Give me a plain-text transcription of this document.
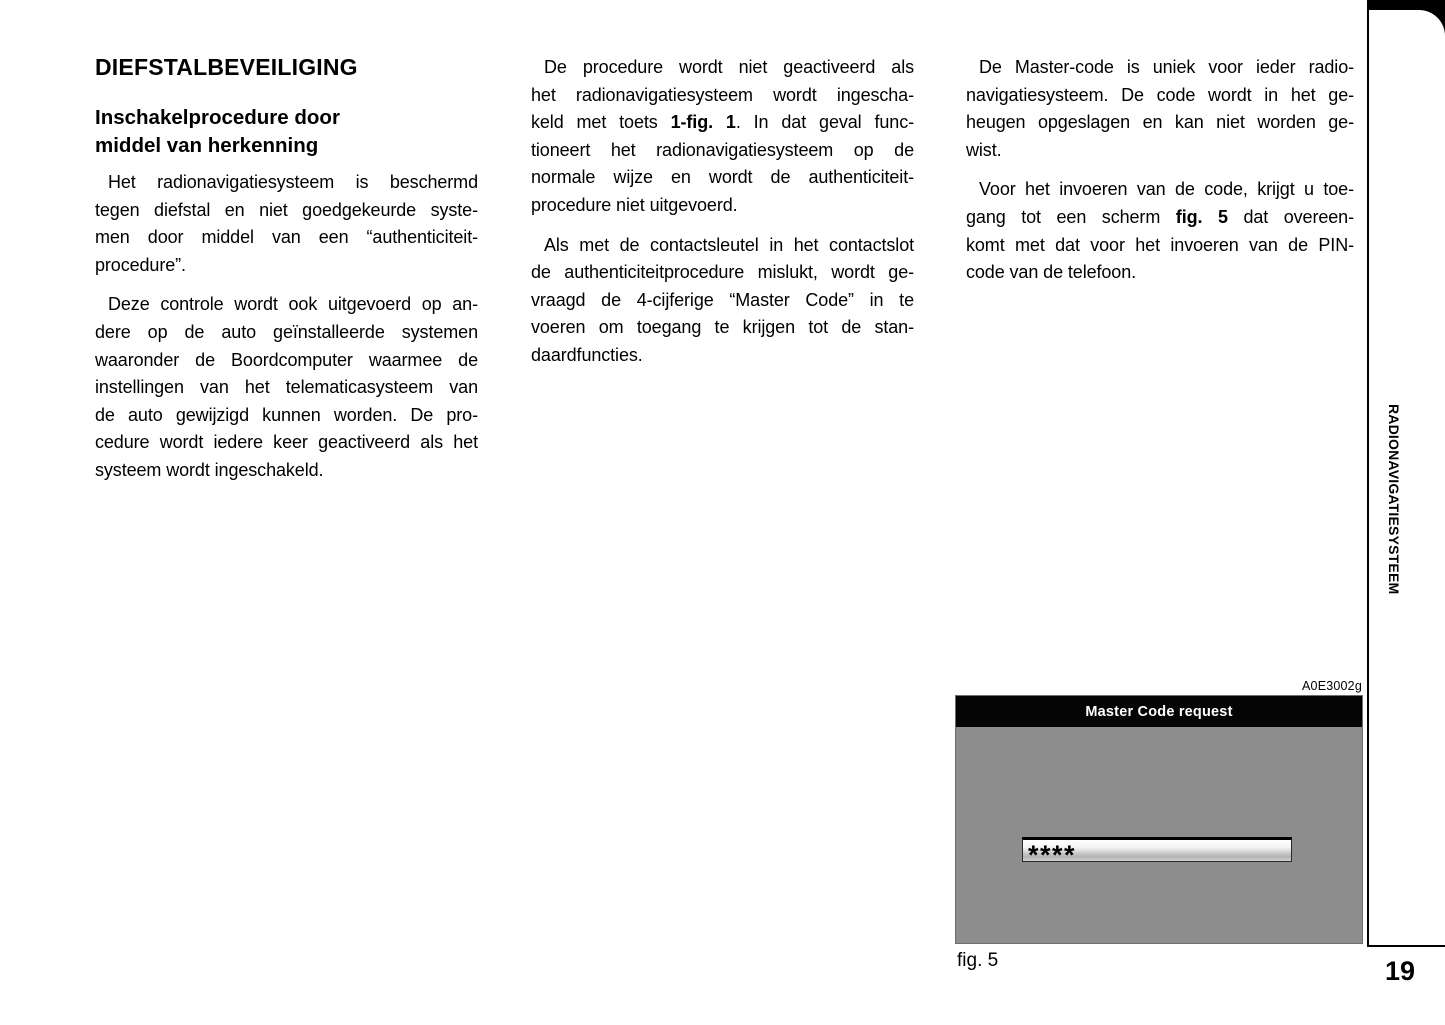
DIEFSTALBEVEILIGING
Inschakelprocedure door
middel van herkenning
Het radionavigatiesysteem is beschermd
tegen diefstal en niet goedgekeurde syste-
men door middel van een “authenticiteit-
procedure”.
Deze controle wordt ook uitgevoerd op an-
dere op de auto geïnstalleerde systemen
waaronder de Boordcomputer waarmee de
instellingen van het telematicasysteem van
de auto gewijzigd kunnen worden. De pro-
cedure wordt iedere keer geactiveerd als het
systeem wordt ingeschakeld.
De procedure wordt niet geactiveerd als
het radionavigatiesysteem wordt ingescha-
keld met toets 1-fig. 1. In dat geval func-
tioneert het radionavigatiesysteem op de
normale wijze en wordt de authenticiteit-
procedure niet uitgevoerd.
Als met de contactsleutel in het contactslot
de authenticiteitprocedure mislukt, wordt ge-
vraagd de 4-cijferige “Master Code” in te
voeren om toegang te krijgen tot de stan-
daardfuncties.
De Master-code is uniek voor ieder radio-
navigatiesysteem. De code wordt in het ge-
heugen opgeslagen en kan niet worden ge-
wist.
Voor het invoeren van de code, krijgt u toe-
gang tot een scherm fig. 5 dat overeen-
komt met dat voor het invoeren van de PIN-
code van de telefoon.
A0E3002g
Master Code request
****
fig. 5
RADIONAVIGATIESYSTEEM
19
